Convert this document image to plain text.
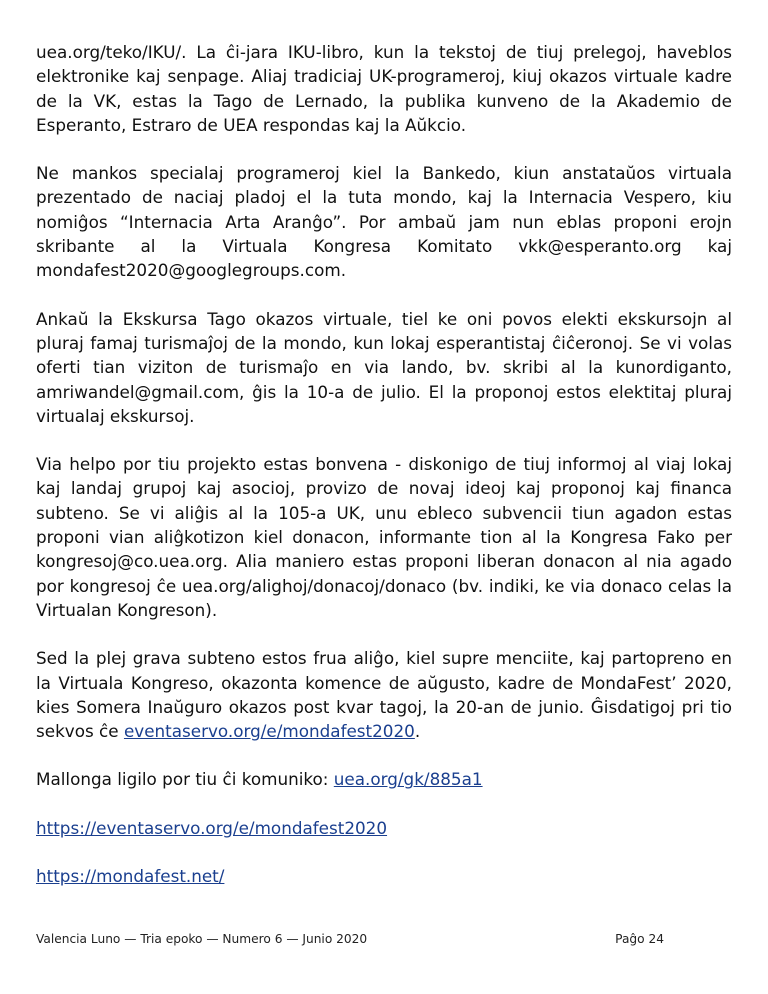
uea.org/teko/IKU/. La ĉi-jara IKU-libro, kun la tekstoj de tiuj prelegoj, haveblos elektronike kaj senpage. Aliaj tradiciaj UK-programeroj, kiuj okazos virtuale kadre de la VK, estas la Tago de Lernado, la publika kunveno de la Akademio de Esperanto, Estraro de UEA respondas kaj la Aŭkcio.

Ne mankos specialaj programeroj kiel la Bankedo, kiun anstataŭos virtuala prezentado de naciaj pladoj el la tuta mondo, kaj la Internacia Vespero, kiu nomiĝos “Internacia Arta Aranĝo”. Por ambaŭ jam nun eblas proponi erojn skribante al la Virtuala Kongresa Komitato vkk@esperanto.org kaj mondafest2020@googlegroups.com.

Ankaŭ la Ekskursa Tago okazos virtuale, tiel ke oni povos elekti ekskursojn al pluraj famaj turismaĵoj de la mondo, kun lokaj esperantistaj ĉiĉeronoj. Se vi volas oferti tian viziton de turismaĵo en via lando, bv. skribi al la kunordiganto, amriwandel@gmail.com, ĝis la 10-a de julio. El la proponoj estos elektitaj pluraj virtualaj ekskursoj.

Via helpo por tiu projekto estas bonvena - diskonigo de tiuj informoj al viaj lokaj kaj landaj grupoj kaj asocioj, provizo de novaj ideoj kaj proponoj kaj financa subteno. Se vi aliĝis al la 105-a UK, unu ebleco subvencii tiun agadon estas proponi vian aliĝkotizon kiel donacon, informante tion al la Kongresa Fako per kongresoj@co.uea.org. Alia maniero estas proponi liberan donacon al nia agado por kongresoj ĉe uea.org/alighoj/donacoj/donaco (bv. indiki, ke via donaco celas la Virtualan Kongreson).

Sed la plej grava subteno estos frua aliĝo, kiel supre menciite, kaj partopreno en la Virtuala Kongreso, okazonta komence de aŭgusto, kadre de MondaFest’ 2020, kies Somera Inaŭguro okazos post kvar tagoj, la 20-an de junio. Ĝisdatigoj pri tio sekvos ĉe eventaservo.org/e/mondafest2020.

Mallonga ligilo por tiu ĉi komuniko: uea.org/gk/885a1

https://eventaservo.org/e/mondafest2020

https://mondafest.net/

Valencia Luno — Tria epoko — Numero 6 — Junio 2020	Paĝo 24
